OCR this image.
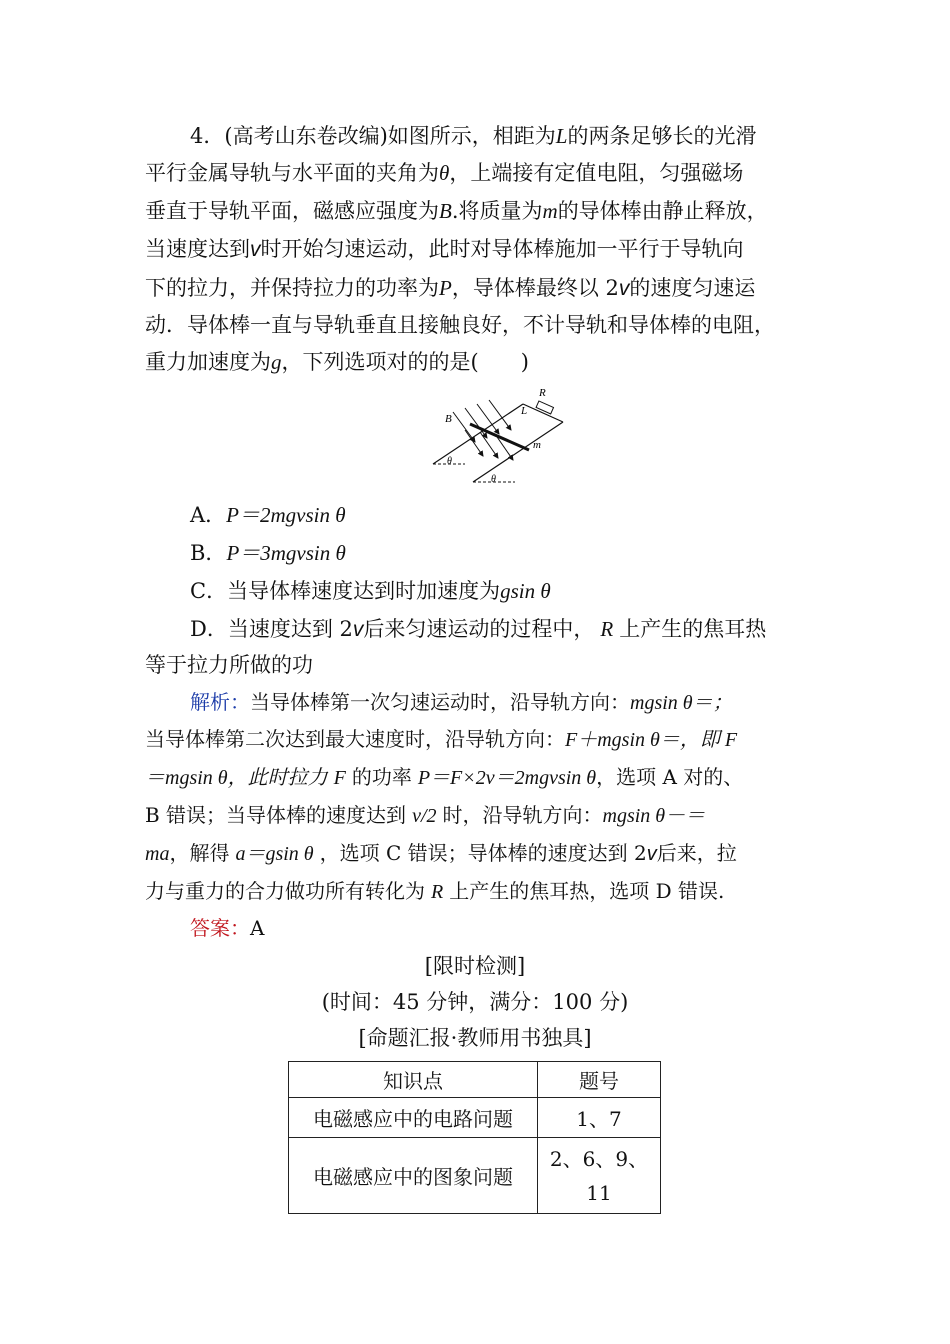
4．(高考山东卷改编)如图所示，相距为L的两条足够长的光滑
平行金属导轨与水平面的夹角为θ，上端接有定值电阻，匀强磁场
垂直于导轨平面，磁感应强度为B.将质量为m的导体棒由静止释放，
当速度达到v时开始匀速运动，此时对导体棒施加一平行于导轨向
下的拉力，并保持拉力的功率为P，导体棒最终以 2v的速度匀速运
动．导体棒一直与导轨垂直且接触良好，不计导轨和导体棒的电阻，
重力加速度为g，下列选项对的的是(　　)
R
L
B
m
θ
θ
A．P＝2mgvsin θ
B．P＝3mgvsin θ
C．当导体棒速度达到时加速度为gsin θ
D．当速度达到 2v后来匀速运动的过程中， R 上产生的焦耳热
等于拉力所做的功
解析：当导体棒第一次匀速运动时，沿导轨方向：mgsin θ＝；
当导体棒第二次达到最大速度时，沿导轨方向：F＋mgsin θ＝，即 F
＝mgsin θ，此时拉力 F 的功率 P＝F×2v＝2mgvsin θ，选项 A 对的、
B 错误；当导体棒的速度达到 v/2 时，沿导轨方向：mgsin θ－＝
ma，解得 a＝gsin θ ，选项 C 错误；导体棒的速度达到 2v后来，拉
力与重力的合力做功所有转化为 R 上产生的焦耳热，选项 D 错误.
答案：A
[限时检测]
(时间：45 分钟，满分：100 分)
[命题汇报·教师用书独具]
知识点	题号
电磁感应中的电路问题	1、7
电磁感应中的图象问题	2、6、9、
11
